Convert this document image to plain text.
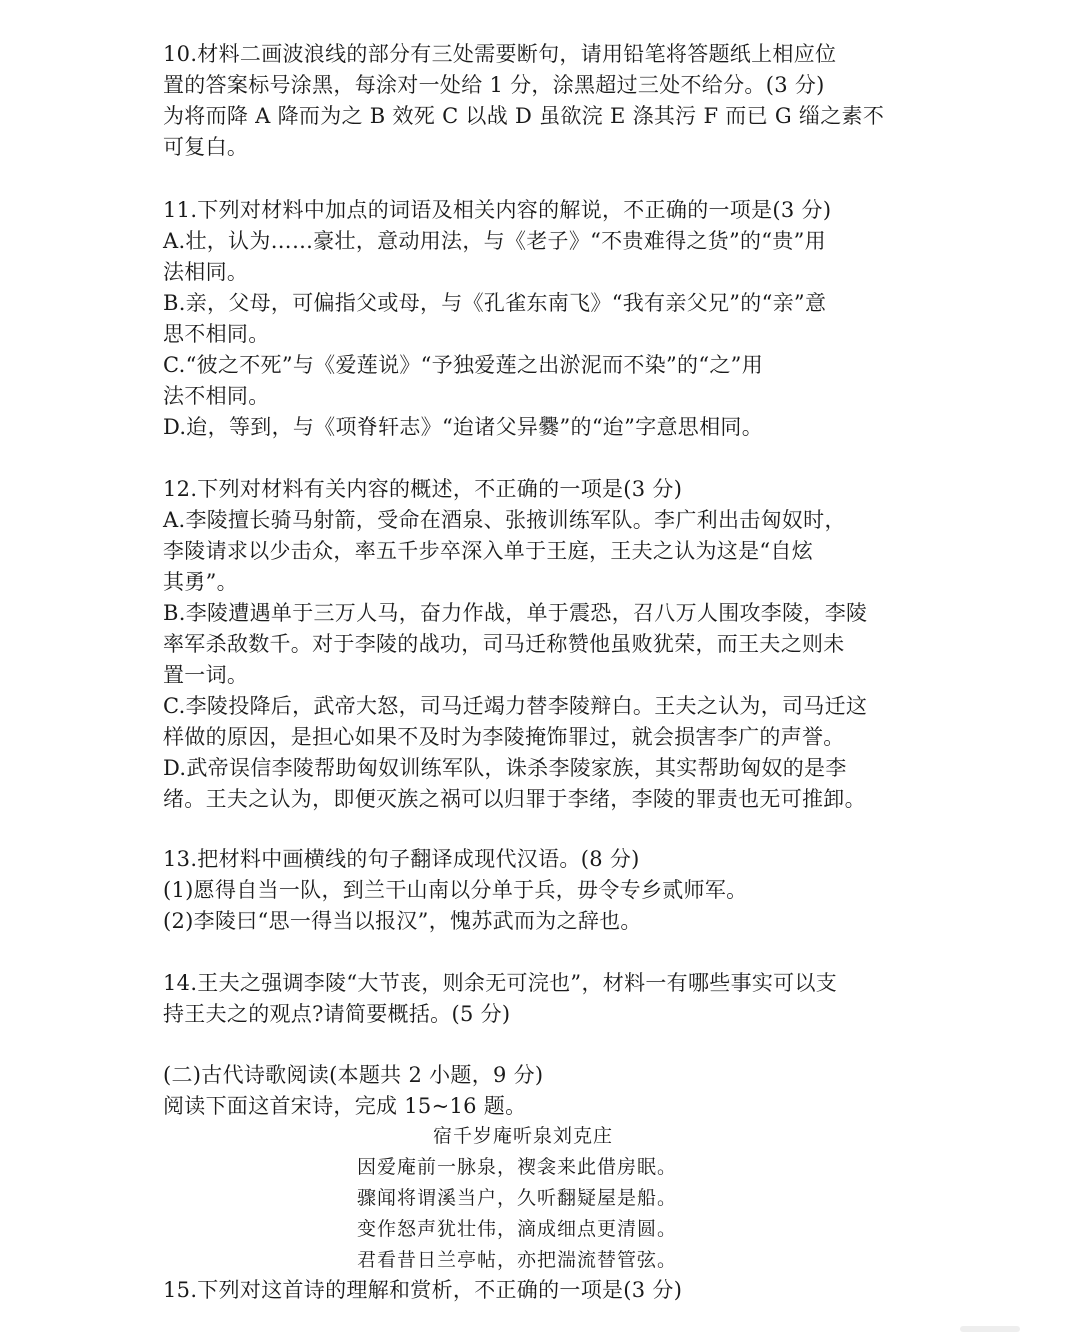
10.材料二画波浪线的部分有三处需要断句，请用铅笔将答题纸上相应位
置的答案标号涂黑，每涂对一处给 1 分，涂黑超过三处不给分。(3 分)
为将而降 A 降而为之 B 效死 C 以战 D 虽欲浣 E 涤其污 F 而已 G 缁之素不
可复白。
11.下列对材料中加点的词语及相关内容的解说，不正确的一项是(3 分)
A.壮，认为……豪壮，意动用法，与《老子》“不贵难得之货”的“贵”用
法相同。
B.亲，父母，可偏指父或母，与《孔雀东南飞》“我有亲父兄”的“亲”意
思不相同。
C.“彼之不死”与《爱莲说》“予独爱莲之出淤泥而不染”的“之”用
法不相同。
D.迨，等到，与《项脊轩志》“迨诸父异爨”的“迨”字意思相同。
12.下列对材料有关内容的概述，不正确的一项是(3 分)
A.李陵擅长骑马射箭，受命在酒泉、张掖训练军队。李广利出击匈奴时，
李陵请求以少击众，率五千步卒深入单于王庭，王夫之认为这是“自炫
其勇”。
B.李陵遭遇单于三万人马，奋力作战，单于震恐，召八万人围攻李陵，李陵
率军杀敌数千。对于李陵的战功，司马迁称赞他虽败犹荣，而王夫之则未
置一词。
C.李陵投降后，武帝大怒，司马迁竭力替李陵辩白。王夫之认为，司马迁这
样做的原因，是担心如果不及时为李陵掩饰罪过，就会损害李广的声誉。
D.武帝误信李陵帮助匈奴训练军队，诛杀李陵家族，其实帮助匈奴的是李
绪。王夫之认为，即便灭族之祸可以归罪于李绪，李陵的罪责也无可推卸。
13.把材料中画横线的句子翻译成现代汉语。(8 分)
(1)愿得自当一队，到兰干山南以分单于兵，毋令专乡贰师军。
(2)李陵曰“思一得当以报汉”，愧苏武而为之辞也。
14.王夫之强调李陵“大节丧，则余无可浣也”，材料一有哪些事实可以支
持王夫之的观点?请简要概括。(5 分)
(二)古代诗歌阅读(本题共 2 小题，9 分)
阅读下面这首宋诗，完成 15~16 题。
宿千岁庵听泉刘克庄
因爱庵前一脉泉，褉衾来此借房眠。
骤闻将谓溪当户，久听翻疑屋是船。
变作怒声犹壮伟，滴成细点更清圆。
君看昔日兰亭帖，亦把湍流替管弦。
15.下列对这首诗的理解和赏析，不正确的一项是(3 分)
